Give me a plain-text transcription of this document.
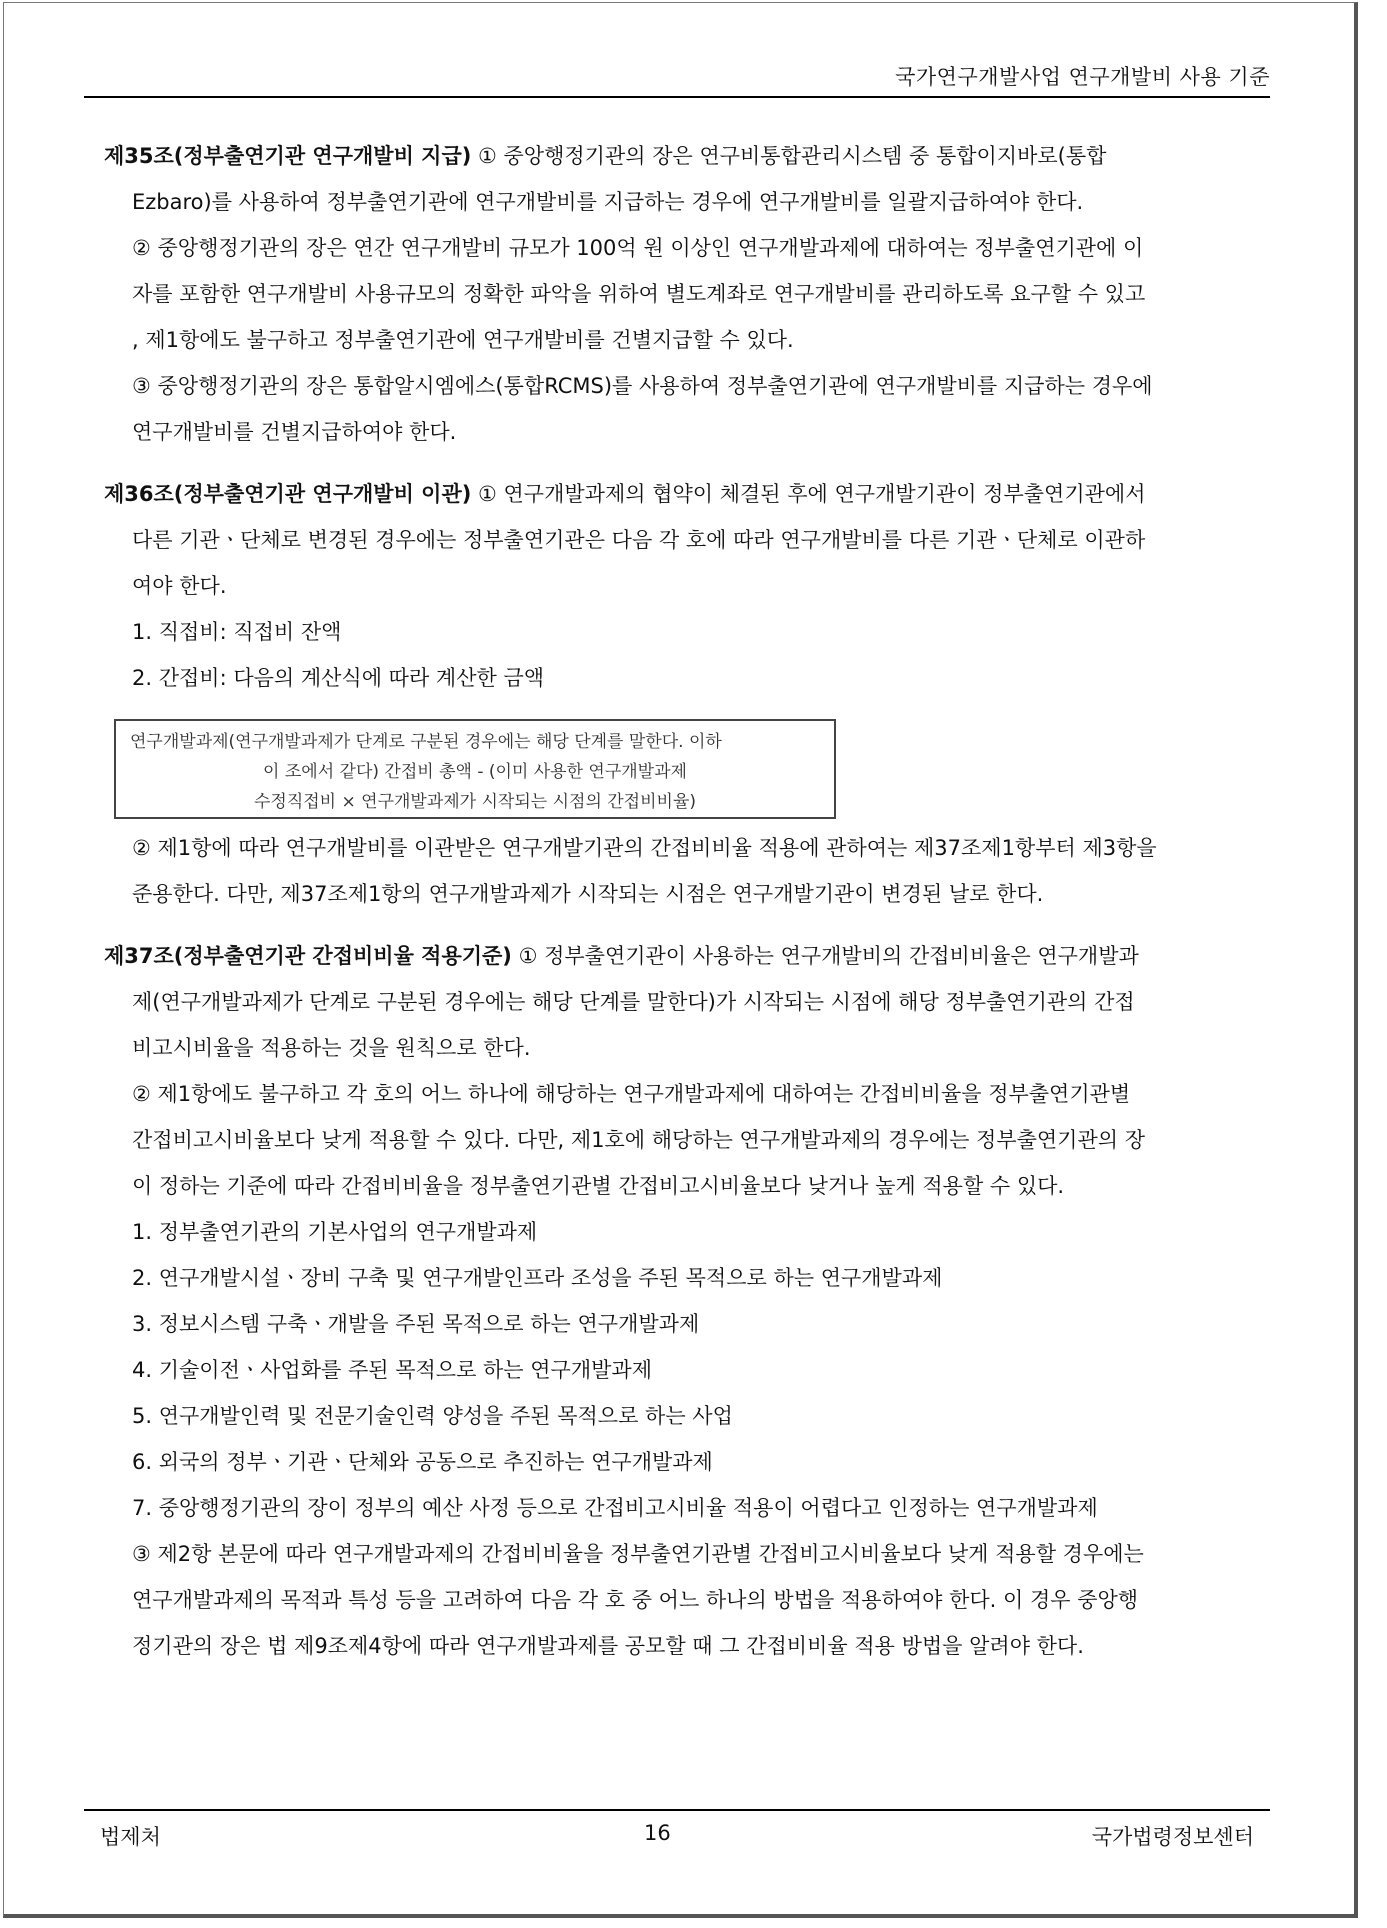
국가연구개발사업 연구개발비 사용 기준
제35조(정부출연기관 연구개발비 지급) ① 중앙행정기관의 장은 연구비통합관리시스템 중 통합이지바로(통합
Ezbaro)를 사용하여 정부출연기관에 연구개발비를 지급하는 경우에 연구개발비를 일괄지급하여야 한다.
② 중앙행정기관의 장은 연간 연구개발비 규모가 100억 원 이상인 연구개발과제에 대하여는 정부출연기관에 이
자를 포함한 연구개발비 사용규모의 정확한 파악을 위하여 별도계좌로 연구개발비를 관리하도록 요구할 수 있고
, 제1항에도 불구하고 정부출연기관에 연구개발비를 건별지급할 수 있다.
③ 중앙행정기관의 장은 통합알시엠에스(통합RCMS)를 사용하여 정부출연기관에 연구개발비를 지급하는 경우에
연구개발비를 건별지급하여야 한다.
제36조(정부출연기관 연구개발비 이관) ① 연구개발과제의 협약이 체결된 후에 연구개발기관이 정부출연기관에서
다른 기관ㆍ단체로 변경된 경우에는 정부출연기관은 다음 각 호에 따라 연구개발비를 다른 기관ㆍ단체로 이관하
여야 한다.
1. 직접비: 직접비 잔액
2. 간접비: 다음의 계산식에 따라 계산한 금액
연구개발과제(연구개발과제가 단계로 구분된 경우에는 해당 단계를 말한다. 이하
이 조에서 같다) 간접비 총액 - (이미 사용한 연구개발과제
수정직접비 × 연구개발과제가 시작되는 시점의 간접비비율)
② 제1항에 따라 연구개발비를 이관받은 연구개발기관의 간접비비율 적용에 관하여는 제37조제1항부터 제3항을
준용한다. 다만, 제37조제1항의 연구개발과제가 시작되는 시점은 연구개발기관이 변경된 날로 한다.
제37조(정부출연기관 간접비비율 적용기준) ① 정부출연기관이 사용하는 연구개발비의 간접비비율은 연구개발과
제(연구개발과제가 단계로 구분된 경우에는 해당 단계를 말한다)가 시작되는 시점에 해당 정부출연기관의 간접
비고시비율을 적용하는 것을 원칙으로 한다.
② 제1항에도 불구하고 각 호의 어느 하나에 해당하는 연구개발과제에 대하여는 간접비비율을 정부출연기관별
간접비고시비율보다 낮게 적용할 수 있다. 다만, 제1호에 해당하는 연구개발과제의 경우에는 정부출연기관의 장
이 정하는 기준에 따라 간접비비율을 정부출연기관별 간접비고시비율보다 낮거나 높게 적용할 수 있다.
1. 정부출연기관의 기본사업의 연구개발과제
2. 연구개발시설ㆍ장비 구축 및 연구개발인프라 조성을 주된 목적으로 하는 연구개발과제
3. 정보시스템 구축ㆍ개발을 주된 목적으로 하는 연구개발과제
4. 기술이전ㆍ사업화를 주된 목적으로 하는 연구개발과제
5. 연구개발인력 및 전문기술인력 양성을 주된 목적으로 하는 사업
6. 외국의 정부ㆍ기관ㆍ단체와 공동으로 추진하는 연구개발과제
7. 중앙행정기관의 장이 정부의 예산 사정 등으로 간접비고시비율 적용이 어렵다고 인정하는 연구개발과제
③ 제2항 본문에 따라 연구개발과제의 간접비비율을 정부출연기관별 간접비고시비율보다 낮게 적용할 경우에는
연구개발과제의 목적과 특성 등을 고려하여 다음 각 호 중 어느 하나의 방법을 적용하여야 한다. 이 경우 중앙행
정기관의 장은 법 제9조제4항에 따라 연구개발과제를 공모할 때 그 간접비비율 적용 방법을 알려야 한다.
법제처	16	국가법령정보센터
